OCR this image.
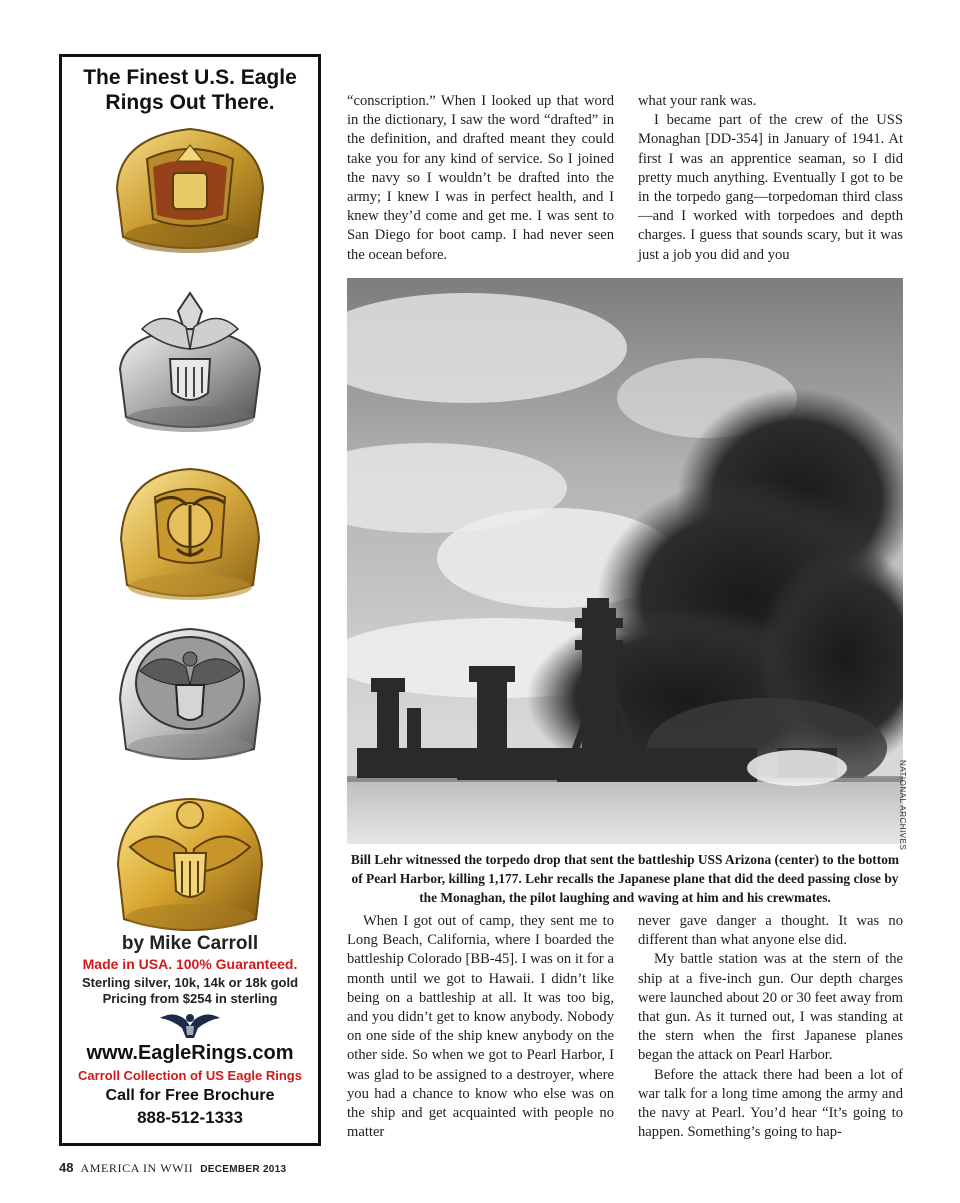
The Finest U.S. Eagle
Rings Out There.
by Mike Carroll
Made in USA. 100% Guaranteed.
Sterling silver, 10k, 14k or 18k gold
Pricing from $254 in sterling
www.EagleRings.com
Carroll Collection of US Eagle Rings
Call for Free Brochure
888-512-1333

“conscription.” When I looked up that word in the dictionary, I saw the word “drafted” in the definition, and drafted meant they could take you for any kind of service. So I joined the navy so I wouldn’t be drafted into the army; I knew I was in perfect health, and I knew they’d come and get me. I was sent to San Diego for boot camp. I had never seen the ocean before.

what your rank was.

I became part of the crew of the USS Monaghan [DD-354] in January of 1941. At first I was an apprentice seaman, so I did pretty much anything. Eventually I got to be in the torpedo gang—torpedoman third class—and I worked with torpedoes and depth charges. I guess that sounds scary, but it was just a job you did and you

NATIONAL ARCHIVES
Bill Lehr witnessed the torpedo drop that sent the battleship USS Arizona (center) to the bottom of Pearl Harbor, killing 1,177. Lehr recalls the Japanese plane that did the deed passing close by the Monaghan, the pilot laughing and waving at him and his crewmates.

When I got out of camp, they sent me to Long Beach, California, where I boarded the battleship Colorado [BB-45]. I was on it for a month until we got to Hawaii. I didn’t like being on a battleship at all. It was too big, and you didn’t get to know anybody. Nobody on one side of the ship knew anybody on the other side. So when we got to Pearl Harbor, I was glad to be assigned to a destroyer, where you had a chance to know who else was on the ship and get acquainted with people no matter

never gave danger a thought. It was no different than what anyone else did.

My battle station was at the stern of the ship at a five-inch gun. Our depth charges were launched about 20 or 30 feet away from that gun. As it turned out, I was standing at the stern when the first Japanese planes began the attack on Pearl Harbor.

Before the attack there had been a lot of war talk for a long time among the army and the navy at Pearl. You’d hear “It’s going to happen. Something’s going to hap-

48 AMERICA IN WWII DECEMBER 2013
